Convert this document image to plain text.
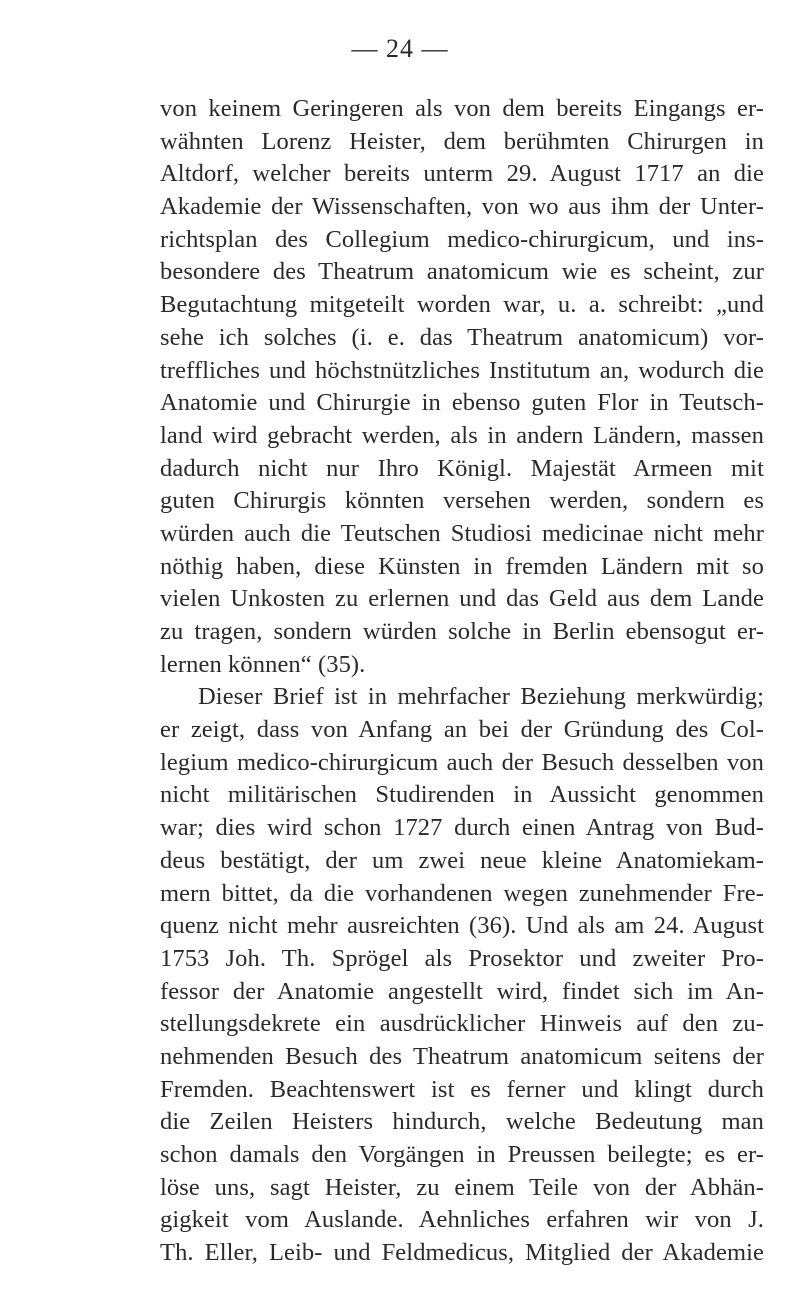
— 24 —
von keinem Geringeren als von dem bereits Eingangs er-
wähnten Lorenz Heister, dem berühmten Chirurgen in
Altdorf, welcher bereits unterm 29. August 1717 an die
Akademie der Wissenschaften, von wo aus ihm der Unter-
richtsplan des Collegium medico-chirurgicum, und ins-
besondere des Theatrum anatomicum wie es scheint, zur
Begutachtung mitgeteilt worden war, u. a. schreibt: „und
sehe ich solches (i. e. das Theatrum anatomicum) vor-
treffliches und höchstnützliches Institutum an, wodurch die
Anatomie und Chirurgie in ebenso guten Flor in Teutsch-
land wird gebracht werden, als in andern Ländern, massen
dadurch nicht nur Ihro Königl. Majestät Armeen mit
guten Chirurgis könnten versehen werden, sondern es
würden auch die Teutschen Studiosi medicinae nicht mehr
nöthig haben, diese Künsten in fremden Ländern mit so
vielen Unkosten zu erlernen und das Geld aus dem Lande
zu tragen, sondern würden solche in Berlin ebensogut er-
lernen können“ (35).
Dieser Brief ist in mehrfacher Beziehung merkwürdig;
er zeigt, dass von Anfang an bei der Gründung des Col-
legium medico-chirurgicum auch der Besuch desselben von
nicht militärischen Studirenden in Aussicht genommen
war; dies wird schon 1727 durch einen Antrag von Bud-
deus bestätigt, der um zwei neue kleine Anatomiekam-
mern bittet, da die vorhandenen wegen zunehmender Fre-
quenz nicht mehr ausreichten (36). Und als am 24. August
1753 Joh. Th. Sprögel als Prosektor und zweiter Pro-
fessor der Anatomie angestellt wird, findet sich im An-
stellungsdekrete ein ausdrücklicher Hinweis auf den zu-
nehmenden Besuch des Theatrum anatomicum seitens der
Fremden. Beachtenswert ist es ferner und klingt durch
die Zeilen Heisters hindurch, welche Bedeutung man
schon damals den Vorgängen in Preussen beilegte; es er-
löse uns, sagt Heister, zu einem Teile von der Abhän-
gigkeit vom Auslande. Aehnliches erfahren wir von J.
Th. Eller, Leib- und Feldmedicus, Mitglied der Akademie
